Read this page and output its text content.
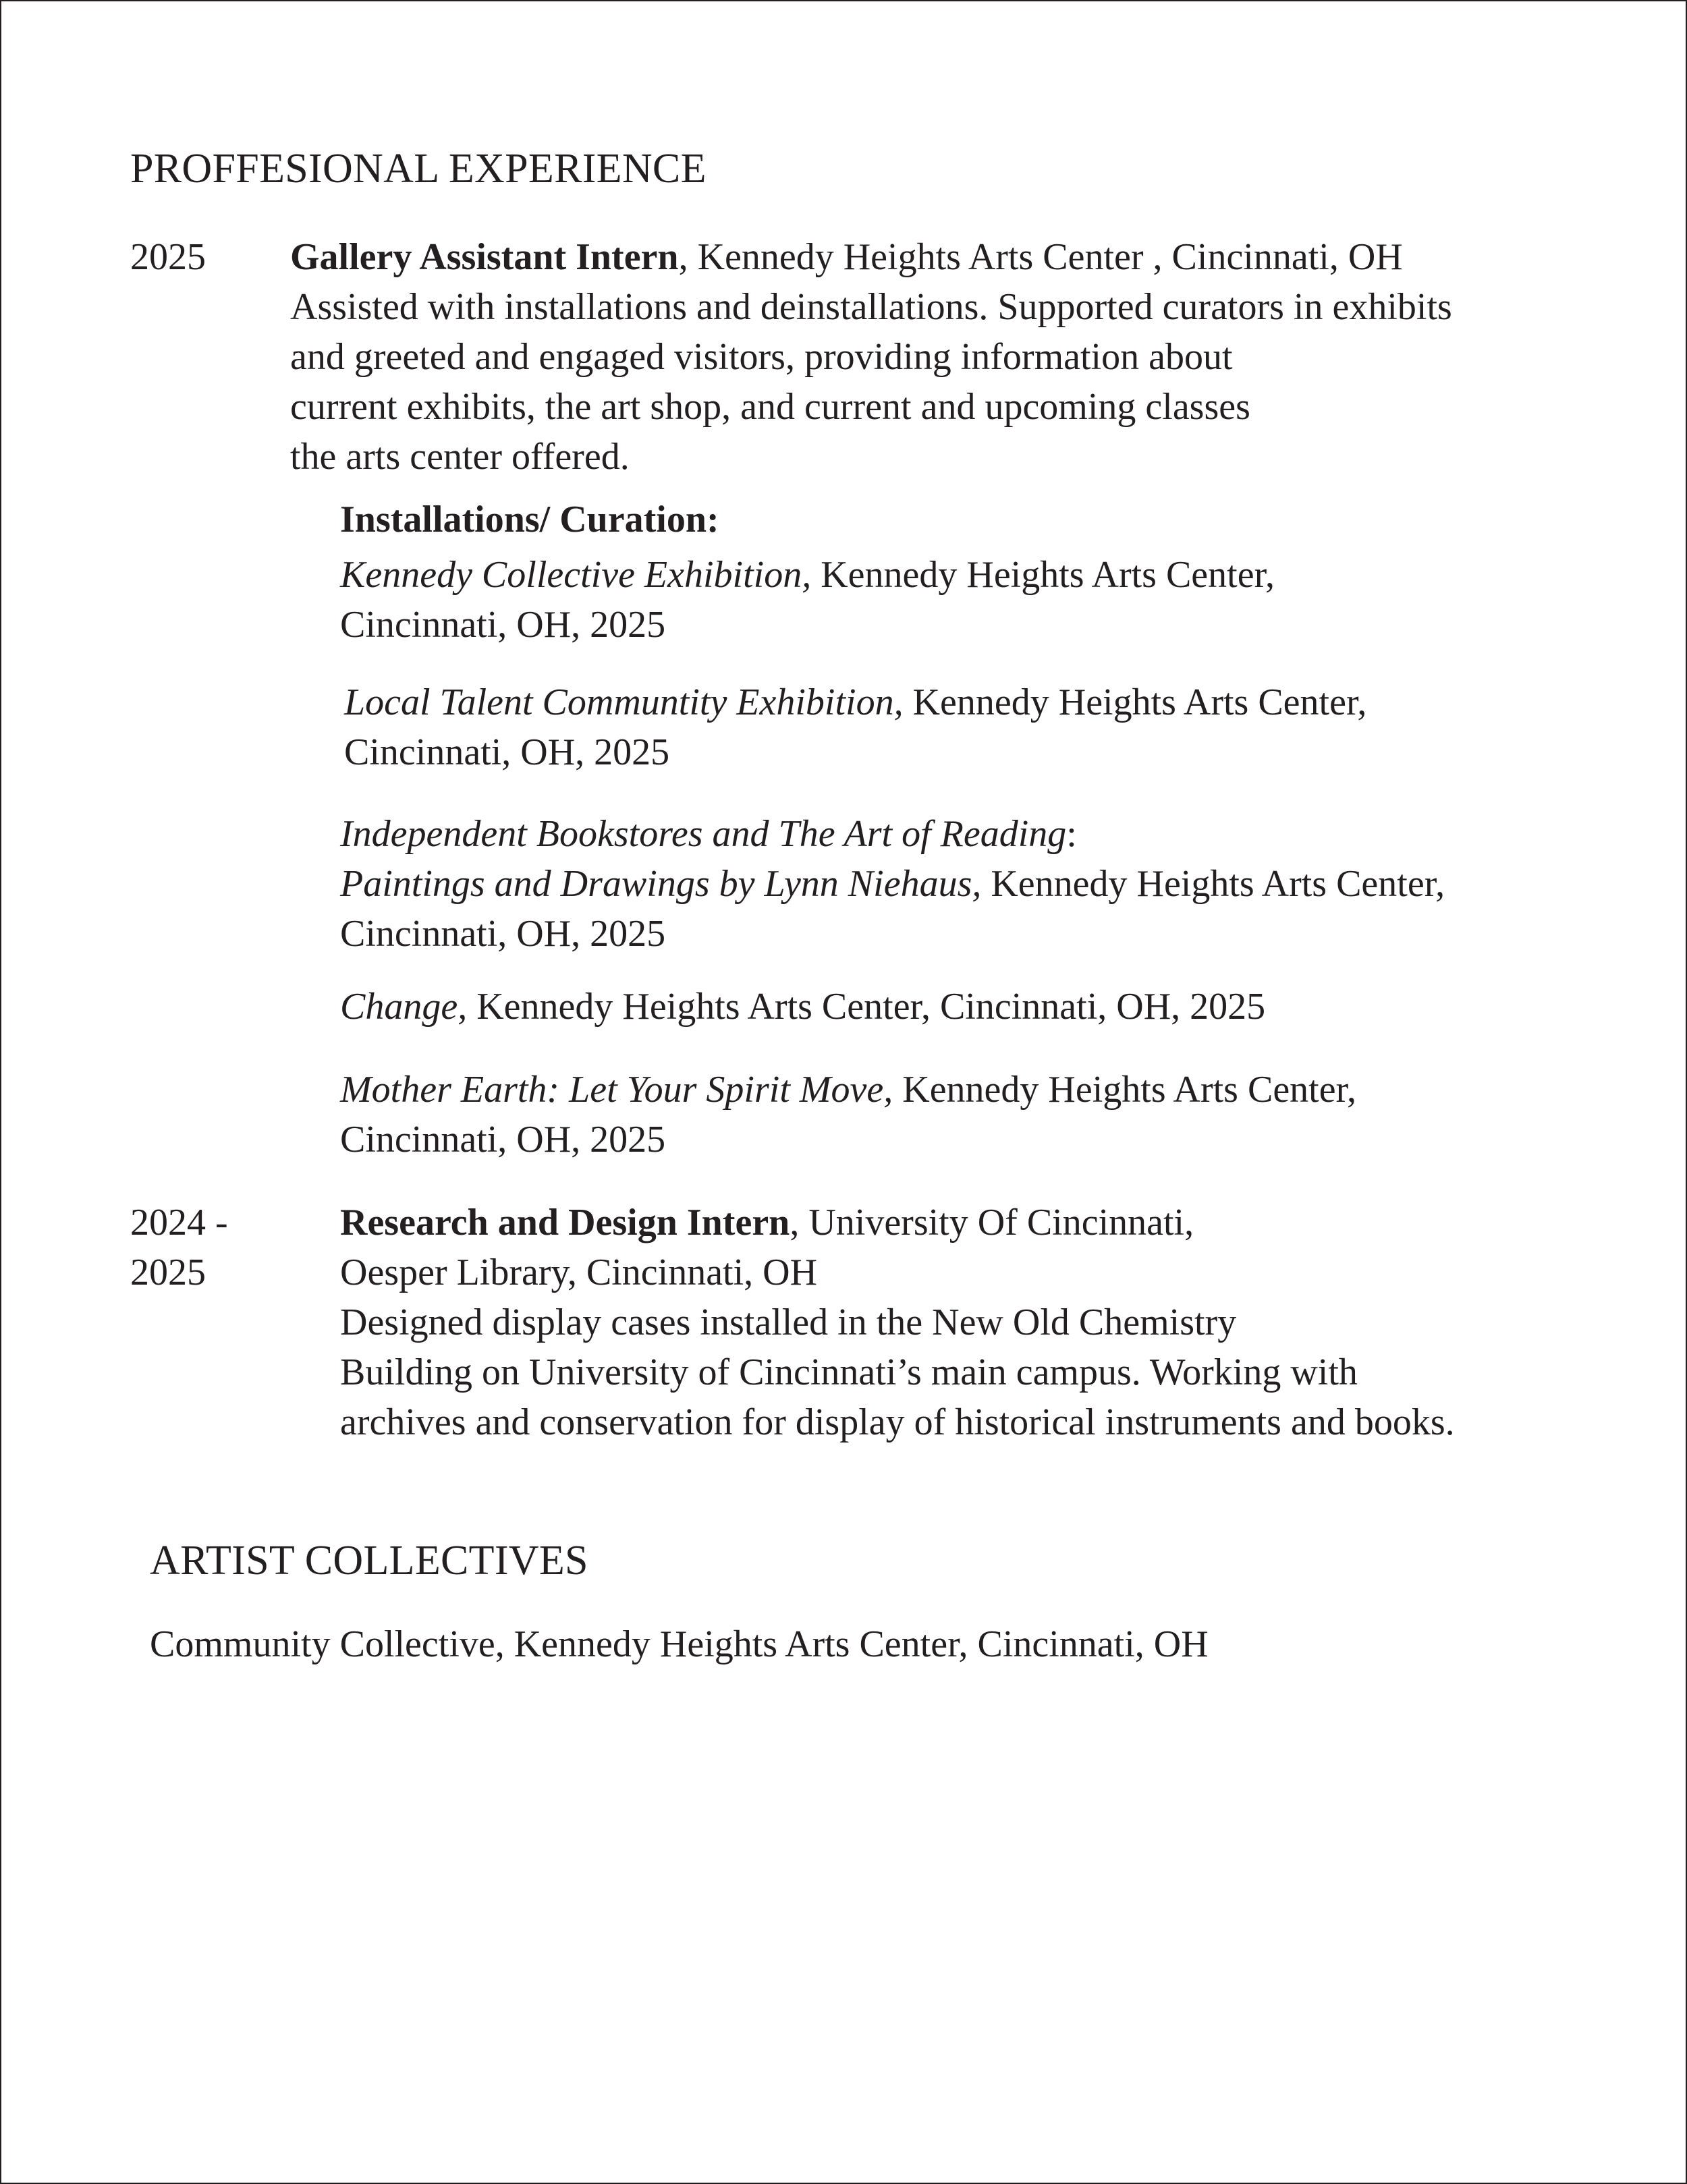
PROFFESIONAL EXPERIENCE
2025 Gallery Assistant Intern, Kennedy Heights Arts Center , Cincinnati, OH

Assisted with installations and deinstallations. Supported curators in exhibits

and greeted and engaged visitors, providing information about

current exhibits, the art shop, and current and upcoming classes

the arts center offered.

Installations/ Curation:

Kennedy Collective Exhibition, Kennedy Heights Arts Center,

Cincinnati, OH, 2025

Local Talent Communtity Exhibition, Kennedy Heights Arts Center,

Cincinnati, OH, 2025

Independent Bookstores and The Art of Reading:

Paintings and Drawings by Lynn Niehaus, Kennedy Heights Arts Center,

Cincinnati, OH, 2025

Change, Kennedy Heights Arts Center, Cincinnati, OH, 2025

Mother Earth: Let Your Spirit Move, Kennedy Heights Arts Center,

Cincinnati, OH, 2025

2024 -

2025

Research and Design Intern, University Of Cincinnati,

Oesper Library, Cincinnati, OH

Designed display cases installed in the New Old Chemistry

Building on University of Cincinnati’s main campus. Working with

archives and conservation for display of historical instruments and books.

ARTIST COLLECTIVES
Community Collective, Kennedy Heights Arts Center, Cincinnati, OH
